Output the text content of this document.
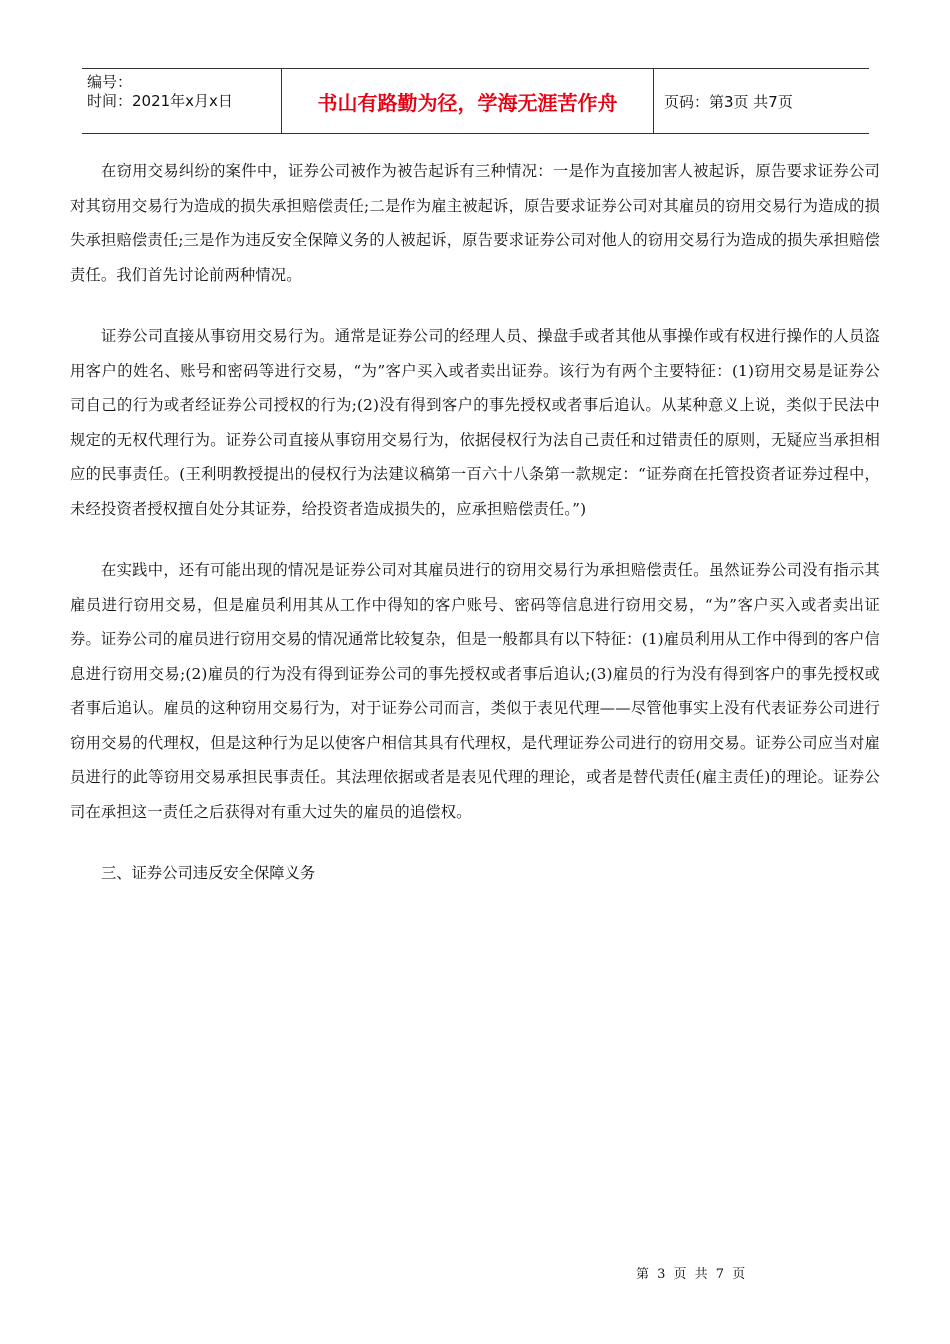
编号：
时间：2021年x月x日	书山有路勤为径，学海无涯苦作舟	页码：第3页 共7页

在窃用交易纠纷的案件中，证券公司被作为被告起诉有三种情况：一是作为直接加害人被起诉，原告要求证券公司对其窃用交易行为造成的损失承担赔偿责任;二是作为雇主被起诉，原告要求证券公司对其雇员的窃用交易行为造成的损失承担赔偿责任;三是作为违反安全保障义务的人被起诉，原告要求证券公司对他人的窃用交易行为造成的损失承担赔偿责任。我们首先讨论前两种情况。

证券公司直接从事窃用交易行为。通常是证券公司的经理人员、操盘手或者其他从事操作或有权进行操作的人员盗用客户的姓名、账号和密码等进行交易，“为”客户买入或者卖出证券。该行为有两个主要特征：(1)窃用交易是证券公司自己的行为或者经证券公司授权的行为;(2)没有得到客户的事先授权或者事后追认。从某种意义上说，类似于民法中规定的无权代理行为。证券公司直接从事窃用交易行为，依据侵权行为法自己责任和过错责任的原则，无疑应当承担相应的民事责任。(王利明教授提出的侵权行为法建议稿第一百六十八条第一款规定：“证券商在托管投资者证券过程中，未经投资者授权擅自处分其证券，给投资者造成损失的，应承担赔偿责任。”)

在实践中，还有可能出现的情况是证券公司对其雇员进行的窃用交易行为承担赔偿责任。虽然证券公司没有指示其雇员进行窃用交易，但是雇员利用其从工作中得知的客户账号、密码等信息进行窃用交易，“为”客户买入或者卖出证券。证券公司的雇员进行窃用交易的情况通常比较复杂，但是一般都具有以下特征：(1)雇员利用从工作中得到的客户信息进行窃用交易;(2)雇员的行为没有得到证券公司的事先授权或者事后追认;(3)雇员的行为没有得到客户的事先授权或者事后追认。雇员的这种窃用交易行为，对于证券公司而言，类似于表见代理——尽管他事实上没有代表证券公司进行窃用交易的代理权，但是这种行为足以使客户相信其具有代理权，是代理证券公司进行的窃用交易。证券公司应当对雇员进行的此等窃用交易承担民事责任。其法理依据或者是表见代理的理论，或者是替代责任(雇主责任)的理论。证券公司在承担这一责任之后获得对有重大过失的雇员的追偿权。

三、证券公司违反安全保障义务

第 3 页 共 7 页
